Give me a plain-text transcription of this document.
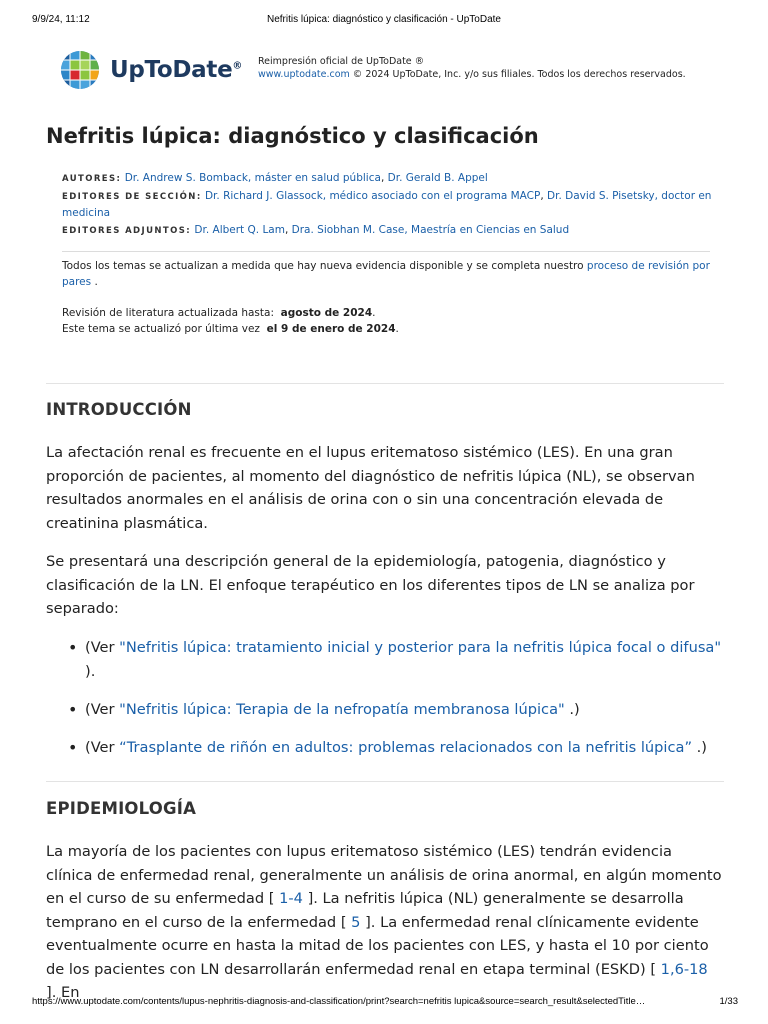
9/9/24, 11:12	Nefritis lúpica: diagnóstico y clasificación - UpToDate
UpToDate® Reimpresión oficial de UpToDate ®
www.uptodate.com © 2024 UpToDate, Inc. y/o sus filiales. Todos los derechos reservados.
Nefritis lúpica: diagnóstico y clasificación
AUTORES: Dr. Andrew S. Bomback, máster en salud pública, Dr. Gerald B. Appel
EDITORES DE SECCIÓN: Dr. Richard J. Glassock, médico asociado con el programa MACP, Dr. David S. Pisetsky, doctor en medicina
EDITORES ADJUNTOS: Dr. Albert Q. Lam, Dra. Siobhan M. Case, Maestría en Ciencias en Salud
Todos los temas se actualizan a medida que hay nueva evidencia disponible y se completa nuestro proceso de revisión por pares .
Revisión de literatura actualizada hasta: agosto de 2024.
Este tema se actualizó por última vez el 9 de enero de 2024.
INTRODUCCIÓN

La afectación renal es frecuente en el lupus eritematoso sistémico (LES). En una gran proporción de pacientes, al momento del diagnóstico de nefritis lúpica (NL), se observan resultados anormales en el análisis de orina con o sin una concentración elevada de creatinina plasmática.

Se presentará una descripción general de la epidemiología, patogenia, diagnóstico y clasificación de la LN. El enfoque terapéutico en los diferentes tipos de LN se analiza por separado:

• (Ver "Nefritis lúpica: tratamiento inicial y posterior para la nefritis lúpica focal o difusa" ).
• (Ver "Nefritis lúpica: Terapia de la nefropatía membranosa lúpica" .)
• (Ver “Trasplante de riñón en adultos: problemas relacionados con la nefritis lúpica” .)
EPIDEMIOLOGÍA

La mayoría de los pacientes con lupus eritematoso sistémico (LES) tendrán evidencia clínica de enfermedad renal, generalmente un análisis de orina anormal, en algún momento en el curso de su enfermedad [ 1-4 ]. La nefritis lúpica (NL) generalmente se desarrolla temprano en el curso de la enfermedad [ 5 ]. La enfermedad renal clínicamente evidente eventualmente ocurre en hasta la mitad de los pacientes con LES, y hasta el 10 por ciento de los pacientes con LN desarrollarán enfermedad renal en etapa terminal (ESKD) [ 1,6-18 ]. En

https://www.uptodate.com/contents/lupus-nephritis-diagnosis-and-classification/print?search=nefritis lupica&source=search_result&selectedTitle…	1/33
